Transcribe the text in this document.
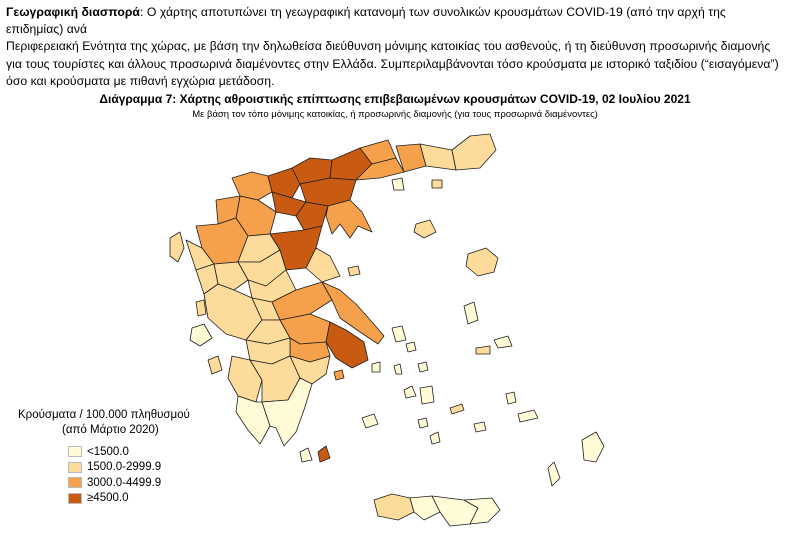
Γεωγραφική διασπορά: Ο χάρτης αποτυπώνει τη γεωγραφική κατανομή των συνολικών κρουσμάτων COVID-19 (από την αρχή της επιδημίας) ανά
Περιφερειακή Ενότητα της χώρας, με βάση την δηλωθείσα διεύθυνση μόνιμης κατοικίας του ασθενούς, ή τη διεύθυνση προσωρινής διαμονής
για τους τουρίστες και άλλους προσωρινά διαμένοντες στην Ελλάδα. Συμπεριλαμβάνονται τόσο κρούσματα με ιστορικό ταξιδίου (“εισαγόμενα”)
όσο και κρούσματα με πιθανή εγχώρια μετάδοση.
Διάγραμμα 7: Χάρτης αθροιστικής επίπτωσης επιβεβαιωμένων κρουσμάτων COVID-19, 02 Ιουλίου 2021
Με βάση τον τόπο μόνιμης κατοικίας, ή προσωρινής διαμονής (για τους προσωρινά διαμένοντες)
Κρούσματα / 100.000 πληθυσμού
(από Μάρτιο 2020)
<1500.0
1500.0-2999.9
3000.0-4499.9
≥4500.0
